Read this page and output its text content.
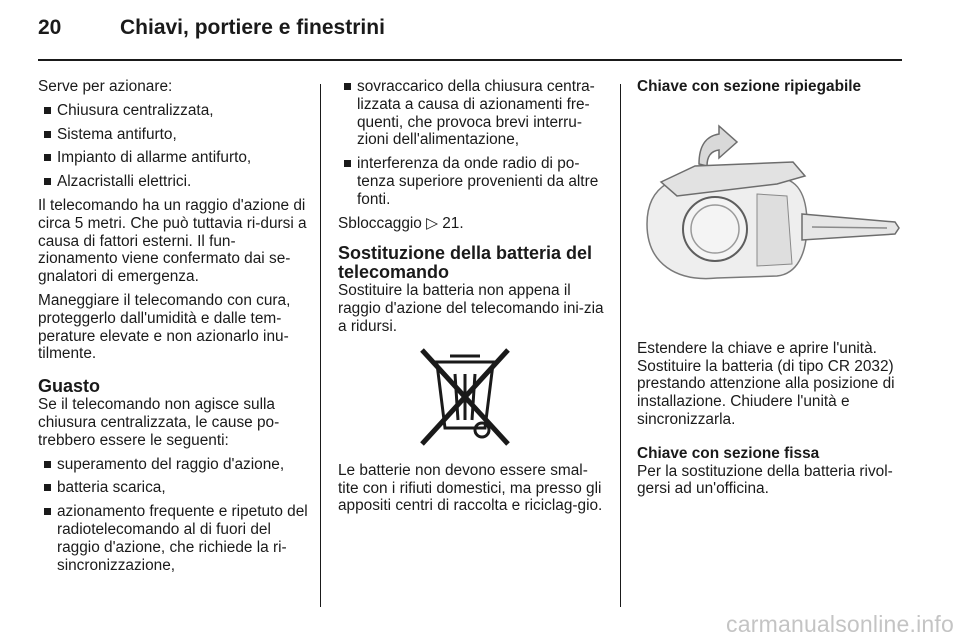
20	Chiavi, portiere e finestrini

Serve per azionare:

Chiusura centralizzata,
Sistema antifurto,
Impianto di allarme antifurto,
Alzacristalli elettrici.

Il telecomando ha un raggio d'azione di circa 5 metri. Che può tuttavia ri-dursi a causa di fattori esterni. Il fun-zionamento viene confermato dai se-gnalatori di emergenza.

Maneggiare il telecomando con cura, proteggerlo dall'umidità e dalle tem-perature elevate e non azionarlo inu-tilmente.

Guasto

Se il telecomando non agisce sulla chiusura centralizzata, le cause po-trebbero essere le seguenti:

superamento del raggio d'azione,
batteria scarica,
azionamento frequente e ripetuto del radiotelecomando al di fuori del raggio d'azione, che richiede la ri-sincronizzazione,
sovraccarico della chiusura centra-lizzata a causa di azionamenti fre-quenti, che provoca brevi interru-zioni dell'alimentazione,
interferenza da onde radio di po-tenza superiore provenienti da altre fonti.

Sbloccaggio ▷ 21.

Sostituzione della batteria del telecomando

Sostituire la batteria non appena il raggio d'azione del telecomando ini-zia a ridursi.

Le batterie non devono essere smal-tite con i rifiuti domestici, ma presso gli appositi centri di raccolta e riciclag-gio.

Chiave con sezione ripiegabile

Estendere la chiave e aprire l'unità. Sostituire la batteria (di tipo CR 2032) prestando attenzione alla posizione di installazione. Chiudere l'unità e sincronizzarla.

Chiave con sezione fissa

Per la sostituzione della batteria rivol-gersi ad un'officina.

carmanualsonline.info
